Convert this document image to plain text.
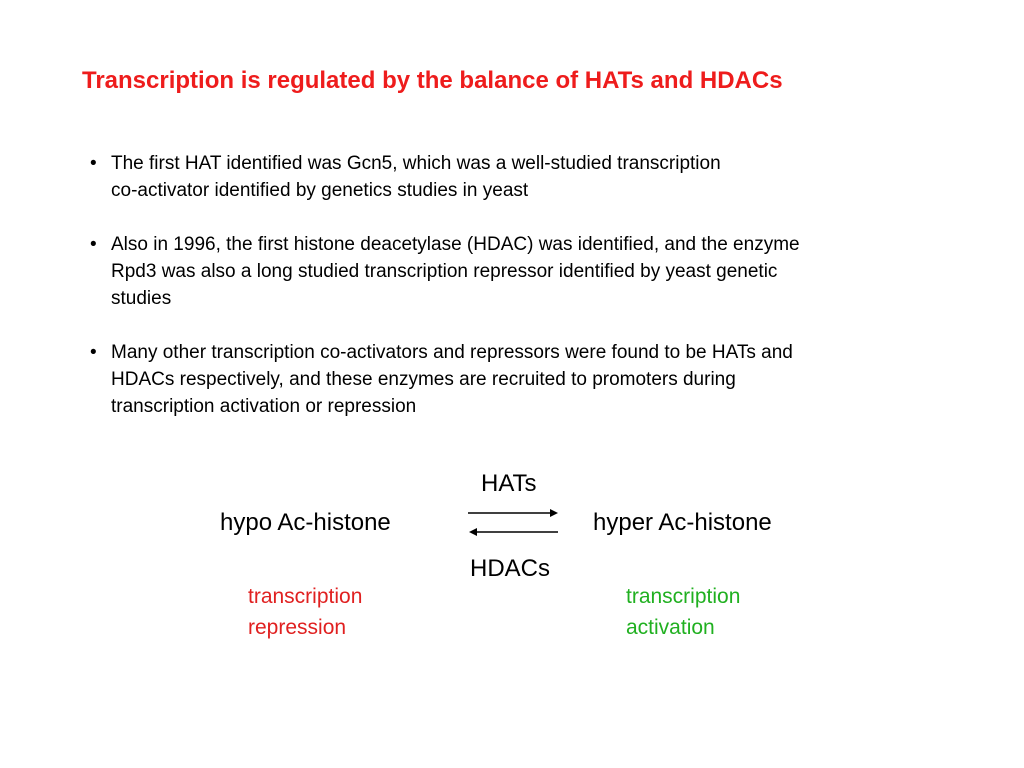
Transcription is regulated by the balance of HATs and HDACs
• The first HAT identified was Gcn5, which was a well-studied transcription
co-activator identified by genetics studies in yeast
• Also in 1996, the first histone deacetylase (HDAC) was identified, and the enzyme
Rpd3 was also a long studied transcription repressor identified by yeast genetic
studies
• Many other transcription co-activators and repressors were found to be HATs and
HDACs respectively, and these enzymes are recruited to promoters during
transcription activation or repression
HATs
hypo Ac-histone	hyper Ac-histone
HDACs
transcription
repression
transcription
activation
